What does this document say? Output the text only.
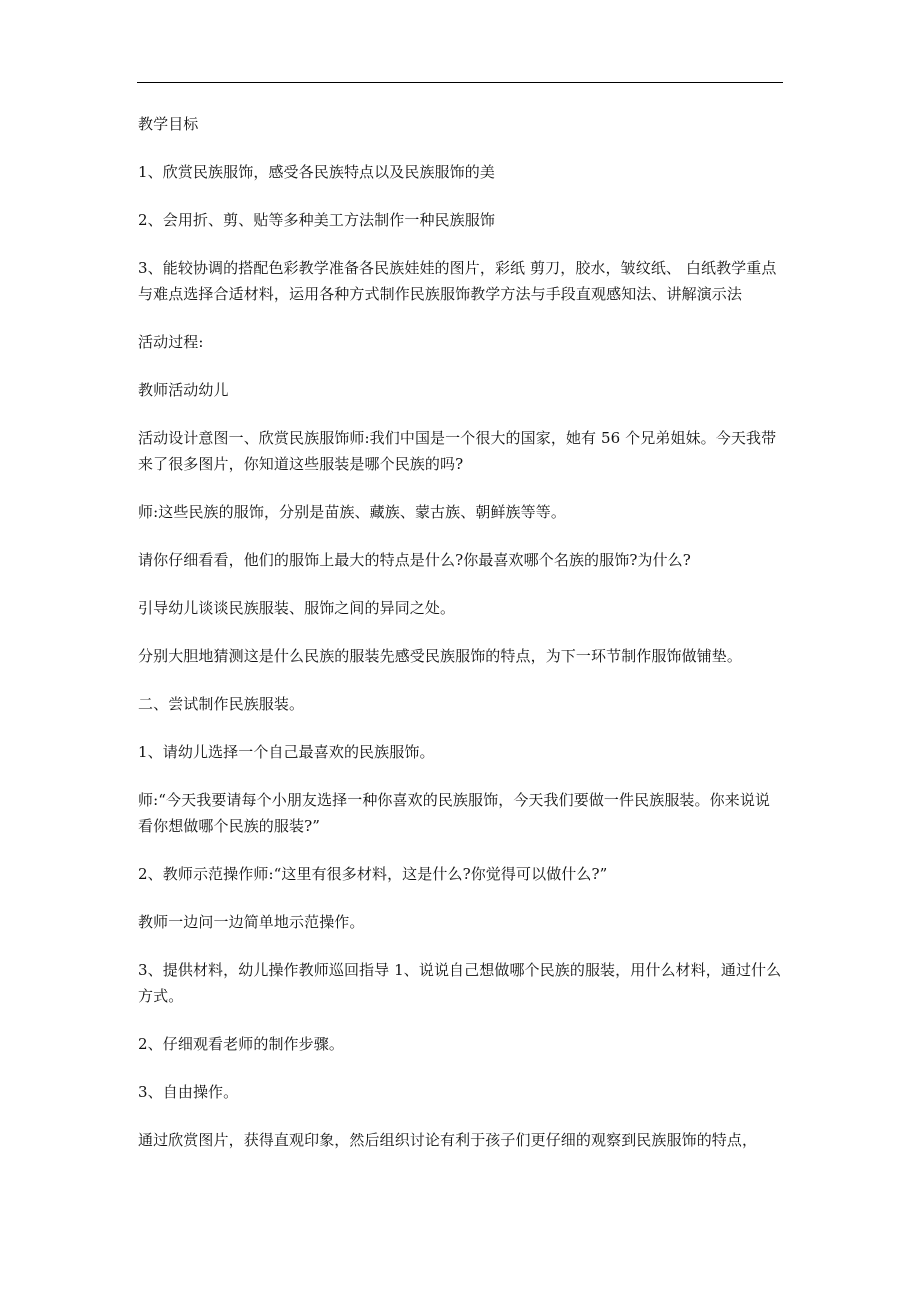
教学目标

1、欣赏民族服饰，感受各民族特点以及民族服饰的美

2、会用折、剪、贴等多种美工方法制作一种民族服饰

3、能较协调的搭配色彩教学准备各民族娃娃的图片，彩纸 剪刀，胶水，皱纹纸、 白纸教学重点与难点选择合适材料，运用各种方式制作民族服饰教学方法与手段直观感知法、讲解演示法

活动过程:

教师活动幼儿

活动设计意图一、欣赏民族服饰师:我们中国是一个很大的国家，她有 56 个兄弟姐妹。今天我带来了很多图片，你知道这些服装是哪个民族的吗?

师:这些民族的服饰，分别是苗族、藏族、蒙古族、朝鲜族等等。

请你仔细看看，他们的服饰上最大的特点是什么?你最喜欢哪个名族的服饰?为什么?

引导幼儿谈谈民族服装、服饰之间的异同之处。

分别大胆地猜测这是什么民族的服装先感受民族服饰的特点，为下一环节制作服饰做铺垫。

二、尝试制作民族服装。

1、请幼儿选择一个自己最喜欢的民族服饰。

师:“今天我要请每个小朋友选择一种你喜欢的民族服饰，今天我们要做一件民族服装。你来说说看你想做哪个民族的服装?”

2、教师示范操作师:“这里有很多材料，这是什么?你觉得可以做什么?”

教师一边问一边简单地示范操作。

3、提供材料，幼儿操作教师巡回指导 1、说说自己想做哪个民族的服装，用什么材料，通过什么方式。

2、仔细观看老师的制作步骤。

3、自由操作。

通过欣赏图片，获得直观印象，然后组织讨论有利于孩子们更仔细的观察到民族服饰的特点，
